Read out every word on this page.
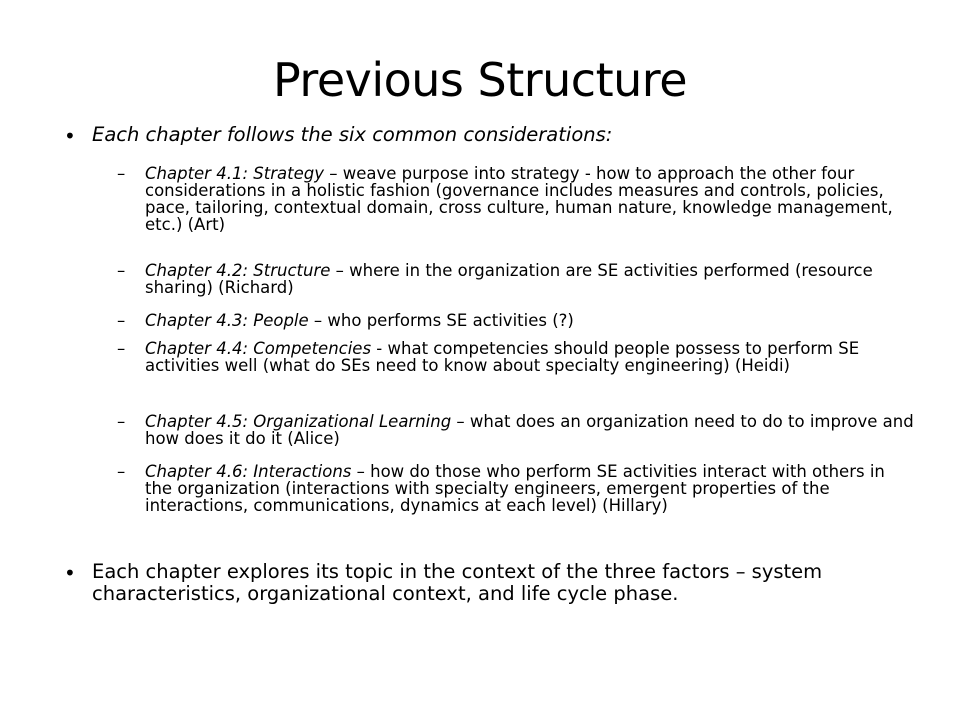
Previous Structure
• Each chapter follows the six common considerations:
– Chapter 4.1: Strategy – weave purpose into strategy - how to approach the other four considerations in a holistic fashion (governance includes measures and controls, policies, pace, tailoring, contextual domain, cross culture, human nature, knowledge management, etc.) (Art)
– Chapter 4.2: Structure – where in the organization are SE activities performed (resource sharing) (Richard)
– Chapter 4.3: People – who performs SE activities (?)
– Chapter 4.4: Competencies - what competencies should people possess to perform SE activities well (what do SEs need to know about specialty engineering) (Heidi)
– Chapter 4.5: Organizational Learning – what does an organization need to do to improve and how does it do it (Alice)
– Chapter 4.6: Interactions – how do those who perform SE activities interact with others in the organization (interactions with specialty engineers, emergent properties of the interactions, communications, dynamics at each level) (Hillary)
• Each chapter explores its topic in the context of the three factors – system characteristics, organizational context, and life cycle phase.
